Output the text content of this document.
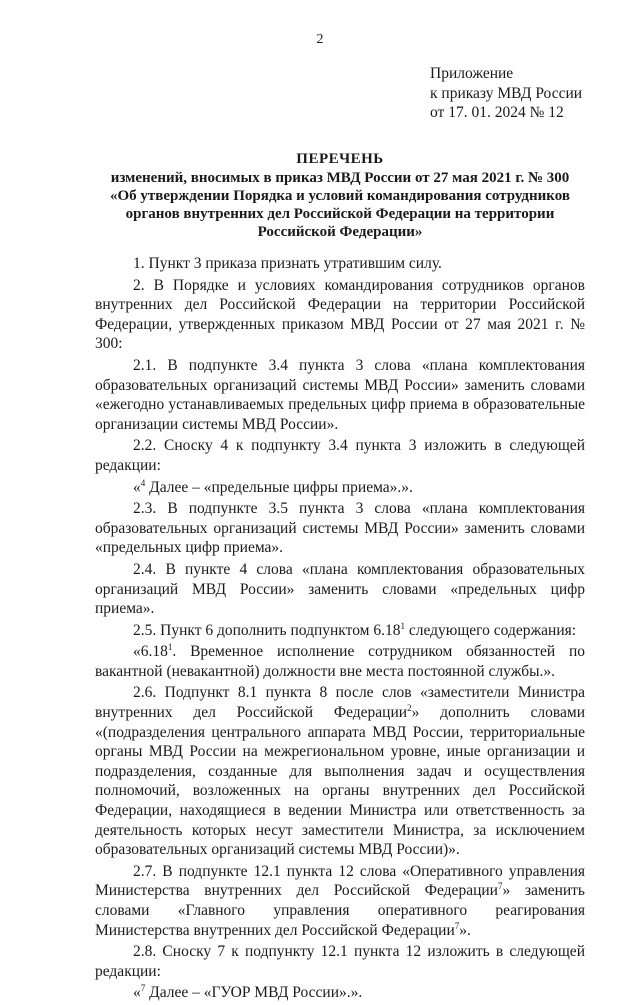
2
Приложение
к приказу МВД России
от 17. 01. 2024 № 12
ПЕРЕЧЕНЬ
изменений, вносимых в приказ МВД России от 27 мая 2021 г. № 300
«Об утверждении Порядка и условий командирования сотрудников
органов внутренних дел Российской Федерации на территории
Российской Федерации»

1. Пункт 3 приказа признать утратившим силу.

2. В Порядке и условиях командирования сотрудников органов внутренних дел Российской Федерации на территории Российской Федерации, утвержденных приказом МВД России от 27 мая 2021 г. № 300:

2.1. В подпункте 3.4 пункта 3 слова «плана комплектования образовательных организаций системы МВД России» заменить словами «ежегодно устанавливаемых предельных цифр приема в образовательные организации системы МВД России».

2.2. Сноску 4 к подпункту 3.4 пункта 3 изложить в следующей редакции:

«$^4$ Далее – «предельные цифры приема».».

2.3. В подпункте 3.5 пункта 3 слова «плана комплектования образовательных организаций системы МВД России» заменить словами «предельных цифр приема».

2.4. В пункте 4 слова «плана комплектования образовательных организаций МВД России» заменить словами «предельных цифр приема».

2.5. Пункт 6 дополнить подпунктом 6.18$^1$ следующего содержания:

«6.18$^1$. Временное исполнение сотрудником обязанностей по вакантной (невакантной) должности вне места постоянной службы.».

2.6. Подпункт 8.1 пункта 8 после слов «заместители Министра внутренних дел Российской Федерации$^2$» дополнить словами «(подразделения центрального аппарата МВД России, территориальные органы МВД России на межрегиональном уровне, иные организации и подразделения, созданные для выполнения задач и осуществления полномочий, возложенных на органы внутренних дел Российской Федерации, находящиеся в ведении Министра или ответственность за деятельность которых несут заместители Министра, за исключением образовательных организаций системы МВД России)».

2.7. В подпункте 12.1 пункта 12 слова «Оперативного управления Министерства внутренних дел Российской Федерации$^7$» заменить словами «Главного управления оперативного реагирования Министерства внутренних дел Российской Федерации$^7$».

2.8. Сноску 7 к подпункту 12.1 пункта 12 изложить в следующей редакции:

«$^7$ Далее – «ГУОР МВД России».».
